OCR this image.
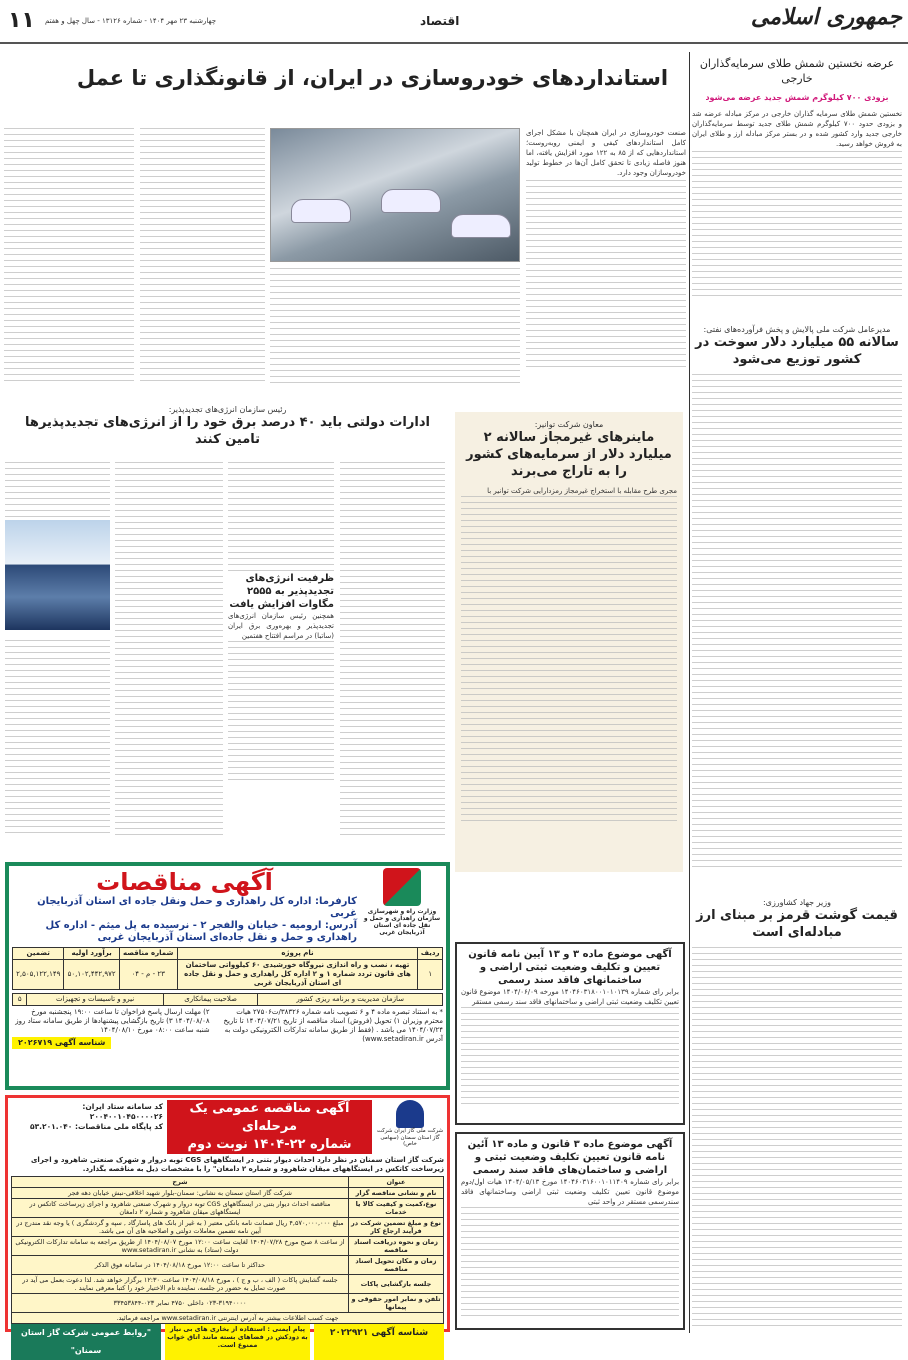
جمهوری اسلامی
اقتصاد
۱۱ چهارشنبه ۲۳ مهر ۱۴۰۴ - شماره ۱۳۱۲۶ - سال چهل و هفتم
عرضه نخستین شمش طلای سرمایه‌گذاران خارجی
بزودی ۷۰۰ کیلوگرم شمش جدید عرضه می‌شود

نخستین شمش طلای سرمایه گذاران خارجی در مرکز مبادله عرضه شد و بزودی حدود ۷۰۰ کیلوگرم شمش طلای جدید توسط سرمایه‌گذاران خارجی جدید وارد کشور شده و در بستر مرکز مبادله ارز و طلای ایران به فروش خواهد رسید.

مدیرعامل شرکت ملی پالایش و پخش فرآورده‌های نفتی:
سالانه ۵۵ میلیارد دلار سوخت در کشور توزیع می‌شود
وزیر جهاد کشاورزی:
قیمت گوشت قرمز بر مبنای ارز مبادله‌ای است
استانداردهای خودروسازی در ایران، از قانونگذاری تا عمل

صنعت خودروسازی در ایران همچنان با مشکل اجرای کامل استانداردهای کیفی و ایمنی روبه‌روست؛ استانداردهایی که از ۸۵ به ۱۲۲ مورد افزایش یافته، اما هنوز فاصله زیادی تا تحقق کامل آن‌ها در خطوط تولید خودروسازان وجود دارد.

معاون شرکت توانیر:
ماینرهای غیرمجاز سالانه ۲ میلیارد دلار از سرمایه‌های کشور را به تاراج می‌برند

مجری طرح مقابله با استخراج غیرمجاز رمزدارایی شرکت توانیر با

رئیس سازمان انرژی‌های تجدیدپذیر:
ادارات دولتی باید ۴۰ درصد برق خود را از انرژی‌های تجدیدپذیرها تامین کنند
ظرفیت انرژی‌های تجدیدپذیر به ۲۵۵۵ مگاوات افزایش یافت

همچنین رئیس سازمان انرژی‌های تجدیدپذیر و بهره‌وری برق ایران (ساتبا) در مراسم افتتاح هفتمین

وزارت راه و شهرسازی سازمان راهداری و حمل و نقل جاده ای استان آذربایجان غربی
آگهی مناقصات
کارفرما: اداره کل راهداری و حمل ونقل جاده ای استان آذربایجان غربی
آدرس: ارومیه - خیابان والفجر ۲ - نرسیده به پل میثم - اداره کل راهداری و حمل و نقل جاده‌ای استان آذربایجان غربی
ردیف	نام پروژه	شماره مناقصه	برآورد اولیه	تضمین
۱	تهیه ، نصب و راه اندازی نیروگاه خورشیدی ۶۰ کیلوواتی ساختمان های قانون تردد شماره ۱ و ۲ اداره کل راهداری و حمل و نقل جاده ای استان آذربایجان غربی	۲۳ - م - ۰۴	۵۰,۱۰۲,۴۴۲,۹۷۲	۲,۵۰۵,۱۲۲,۱۴۹
سازمان مدیریت و برنامه ریزی کشور	صلاحیت پیمانکاری	نیرو و تاسیسات و تجهیزات	۵
* به استناد تبصره ماده ۴ و ۶ تصویب نامه شماره ۳۸۳۲۶/ت۲۷۵۰۶ هیات محترم وزیران ۱) تحویل (فروش) اسناد مناقصه از تاریخ ۱۴۰۴/۰۷/۲۱ تا تاریخ ۱۴۰۴/۰۷/۲۴ می باشد . (فقط از طریق سامانه تدارکات الکترونیکی دولت به آدرس www.setadiran.ir)
۲) مهلت ارسال پاسخ فراخوان تا ساعت ۱۹:۰۰ پنجشنبه مورخ ۱۴۰۴/۰۸/۰۸ ۳) تاریخ بازگشایی پیشنهادها از طریق سامانه ستاد روز شنبه ساعت ۰۸:۰۰ مورخ ۱۴۰۴/۰۸/۱۰
شناسه آگهی ۲۰۲۶۷۱۹
شرکت ملی گاز ایران شرکت گاز استان سمنان (سهامی خاص)
آگهی مناقصه عمومی یک مرحله‌ای
شماره ۲۲-۱۴۰۴ نوبت دوم
کد سامانه ستاد ایران: ۲۰۰۴۰۰۱۰۴۵۰۰۰۰۲۶
کد پایگاه ملی مناقصات: ۵۳.۲۰۱.۰۴۰
شرکت گاز استان سمنان در نظر دارد احداث دیوار بتنی در ایستگاههای CGS توبه دروار و شهرک صنعتی شاهرود و اجرای زیرساخت کاتکس در ایستگاههای میقان شاهرود و شماره ۲ دامغان" را با مشخصات ذیل به مناقصه بگذارد.
عنوان	شرح
نام و نشانی مناقصه گزار	شرکت گاز استان سمنان به نشانی: سمنان-بلوار شهید اخلاقی-نبش خیابان دهه فجر
نوع،کمیت و کیفیت کالا یا خدمات	مناقصه احداث دیوار بتنی در ایستگاههای CGS توبه دروار و شهرک صنعتی شاهرود و اجرای زیرساخت کاتکس در ایستگاههای میقان شاهرود و شماره ۲ دامغان
نوع و مبلغ تضمین شرکت در فرآیند ارجاع کار	مبلغ ۴,۵۷۰,۰۰۰,۰۰۰ ریال ضمانت نامه بانکی معتبر ( به غیر از بانک های پاسارگاد , سپه و گردشگری ) یا وجه نقد مندرج در آیین نامه تضمین معاملات دولتی و اصلاحیه های آن می باشد.
زمان و نحوه دریافت اسناد مناقصه	از ساعت ۸ صبح مورخ ۱۴۰۴/۰۷/۲۸ لغایت ساعت ۱۲:۰۰ مورخ ۱۴۰۴/۰۸/۰۷ از طریق مراجعه به سامانه تدارکات الکترونیکی دولت (ستاد) به نشانی www.setadiran.ir
زمان و مکان تحویل اسناد مناقصه	حداکثر تا ساعت ۱۲:۰۰ مورخ ۱۴۰۴/۰۸/۱۸ در سامانه فوق الذکر
جلسه بازگشایی پاکات	جلسه گشایش پاکات ( الف ، ب و ج ) ، مورخ ۱۴۰۴/۰۸/۱۸ ساعت ۱۲:۳۰ برگزار خواهد شد. لذا دعوت بعمل می آید در صورت تمایل به حضور در جلسه، نماینده تام الاختیار خود را کتبا معرفی نمایند .
تلفن و نمابر امور حقوقی و پیمانها	۰۲۳-۳۱۹۴۰۰۰۰ داخلی ۴۷۵۰ نمابر ۰۲۳-۳۳۴۵۳۸۴۴
جهت کسب اطلاعات بیشتر به آدرس اینترنتی www.setadiran.ir مراجعه فرمائید.	
شناسه آگهی ۲۰۲۲۹۲۱
پیام ایمنی : استفاده از بخاری های بی نیاز به دودکش در فضاهای بسته مانند اتاق خواب ممنوع است.
"روابط عمومی شرکت گاز استان سمنان"
آگهی موضوع ماده ۳ و ۱۳ آیین نامه قانون تعیین و تکلیف وضعیت ثبتی اراضی و ساختمانهای فاقد سند رسمی

برابر رای شماره ۱۴۰۴۶۰۳۱۸۰۰۱۰۱۰۱۳۹ مورخه ۱۴۰۴/۰۶/۰۹ موضوع قانون تعیین تکلیف وضعیت ثبتی اراضی و ساختمانهای فاقد سند رسمی مستقر

آگهی موضوع ماده ۳ قانون و ماده ۱۳ آئین نامه قانون تعیین تکلیف وضعیت ثبتی و اراضی و ساختمان‌های فاقد سند رسمی

برابر رای شماره ۱۴۰۴۶۰۳۱۶۰۰۱۰۱۱۴۰۹ مورخ ۱۴۰۴/۰۵/۱۳ هیات اول/دوم موضوع قانون تعیین تکلیف وضعیت ثبتی اراضی وساختمانهای فاقد سندرسمی مستقر در واحد ثبتی
